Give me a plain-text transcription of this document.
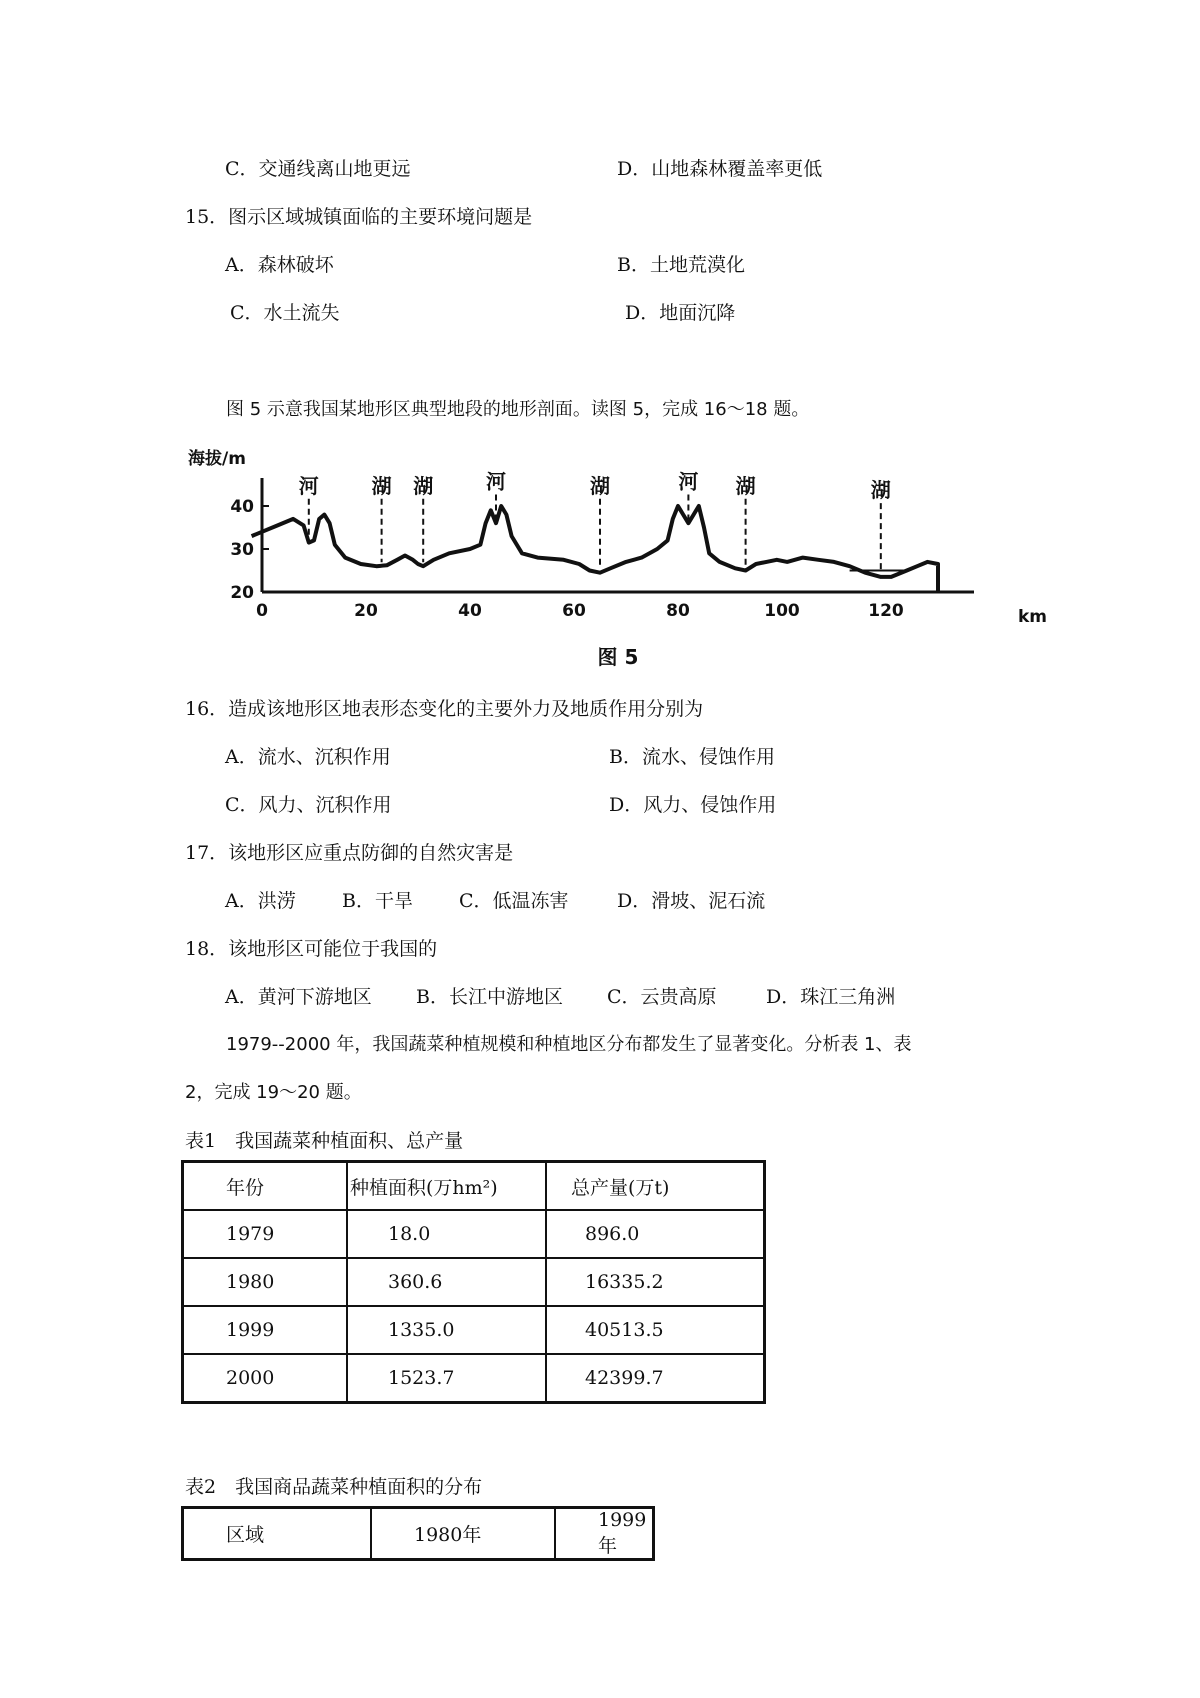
C．交通线离山地更远	D．山地森林覆盖率更低
15．图示区域城镇面临的主要环境问题是
A．森林破坏	B．土地荒漠化
C．水土流失	D．地面沉降
图 5 示意我国某地形区典型地段的地形剖面。读图 5，完成 16～18 题。
20
30
40
0	20	40	60	80	100	120
河	湖 湖	河	湖	河 湖	湖
海拔/m
km
图 5
16．造成该地形区地表形态变化的主要外力及地质作用分别为
A．流水、沉积作用	B．流水、侵蚀作用
C．风力、沉积作用	D．风力、侵蚀作用
17．该地形区应重点防御的自然灾害是
A．洪涝 B．干旱 C．低温冻害	D．滑坡、泥石流
18．该地形区可能位于我国的
A．黄河下游地区 B．长江中游地区 C．云贵高原	D．珠江三角洲
1979--2000 年，我国蔬菜种植规模和种植地区分布都发生了显著变化。分析表 1、表
2，完成 19～20 题。
表1　我国蔬菜种植面积、总产量
年份	种植面积(万hm²)	总产量(万t)
1979	18.0	896.0
1980	360.6	16335.2
1999	1335.0	40513.5
2000	1523.7	42399.7
表2　我国商品蔬菜种植面积的分布
区域	1980年	1999年
